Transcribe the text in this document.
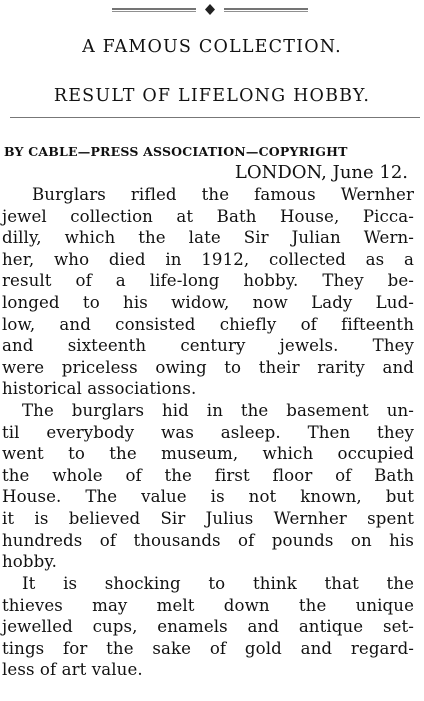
A FAMOUS COLLECTION.
RESULT OF LIFELONG HOBBY.
BY CABLE—PRESS ASSOCIATION—COPYRIGHT
LONDON, June 12.
Burglars rifled the famous Wernher
jewel collection at Bath House, Picca-
dilly, which the late Sir Julian Wern-
her, who died in 1912, collected as a
result of a life-long hobby. They be-
longed to his widow, now Lady Lud-
low, and consisted chiefly of fifteenth
and sixteenth century jewels. They
were priceless owing to their rarity and
historical associations.
The burglars hid in the basement un-
til everybody was asleep. Then they
went to the museum, which occupied
the whole of the first floor of Bath
House. The value is not known, but
it is believed Sir Julius Wernher spent
hundreds of thousands of pounds on his
hobby.
It is shocking to think that the
thieves may melt down the unique
jewelled cups, enamels and antique set-
tings for the sake of gold and regard-
less of art value.
